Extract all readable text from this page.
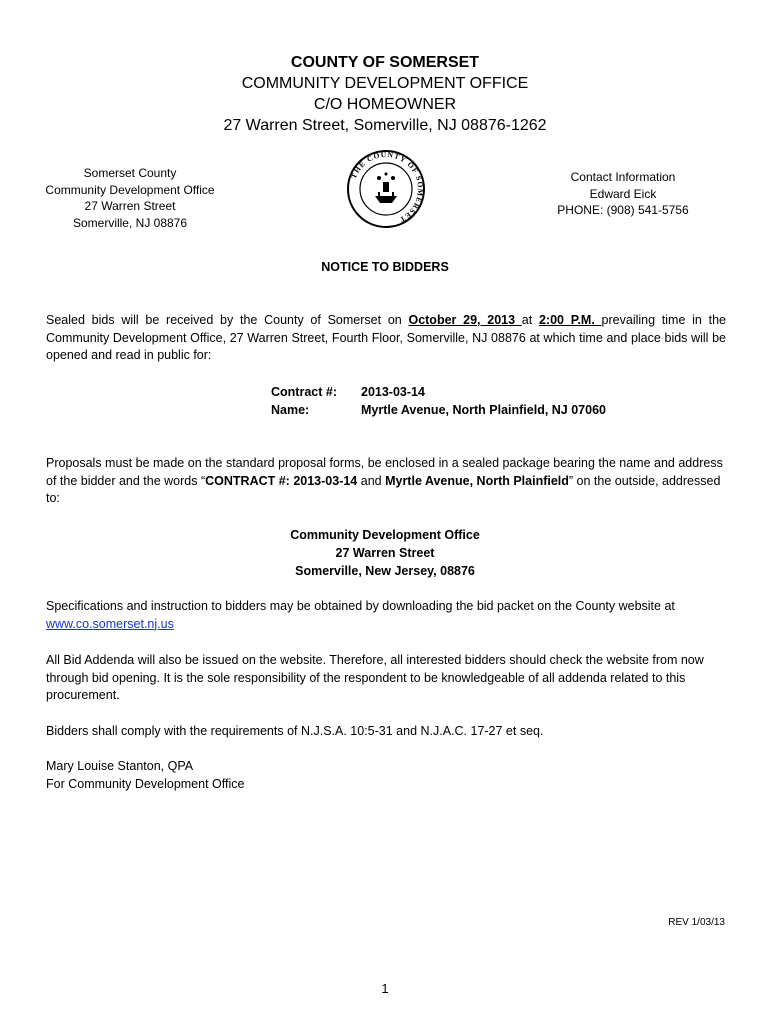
COUNTY OF SOMERSET
COMMUNITY DEVELOPMENT OFFICE
C/O HOMEOWNER
27 Warren Street, Somerville, NJ 08876-1262
Somerset County
Community Development Office
27 Warren Street
Somerville, NJ 08876
THE COUNTY OF SOMERSET
Contact Information
Edward Eick
PHONE: (908) 541-5756
NOTICE TO BIDDERS
Sealed bids will be received by the County of Somerset on October 29, 2013 at 2:00 P.M. prevailing time in the Community Development Office, 27 Warren Street, Fourth Floor, Somerville, NJ 08876 at which time and place bids will be opened and read in public for:
Contract #: 2013-03-14
Name:	Myrtle Avenue, North Plainfield, NJ 07060
Proposals must be made on the standard proposal forms, be enclosed in a sealed package bearing the name and address of the bidder and the words “CONTRACT #: 2013-03-14 and Myrtle Avenue, North Plainfield” on the outside, addressed to:
Community Development Office
27 Warren Street
Somerville, New Jersey, 08876
Specifications and instruction to bidders may be obtained by downloading the bid packet on the County website at
www.co.somerset.nj.us
All Bid Addenda will also be issued on the website. Therefore, all interested bidders should check the website from now through bid opening. It is the sole responsibility of the respondent to be knowledgeable of all addenda related to this procurement.
Bidders shall comply with the requirements of N.J.S.A. 10:5-31 and N.J.A.C. 17-27 et seq.
Mary Louise Stanton, QPA
For Community Development Office
REV 1/03/13
1
